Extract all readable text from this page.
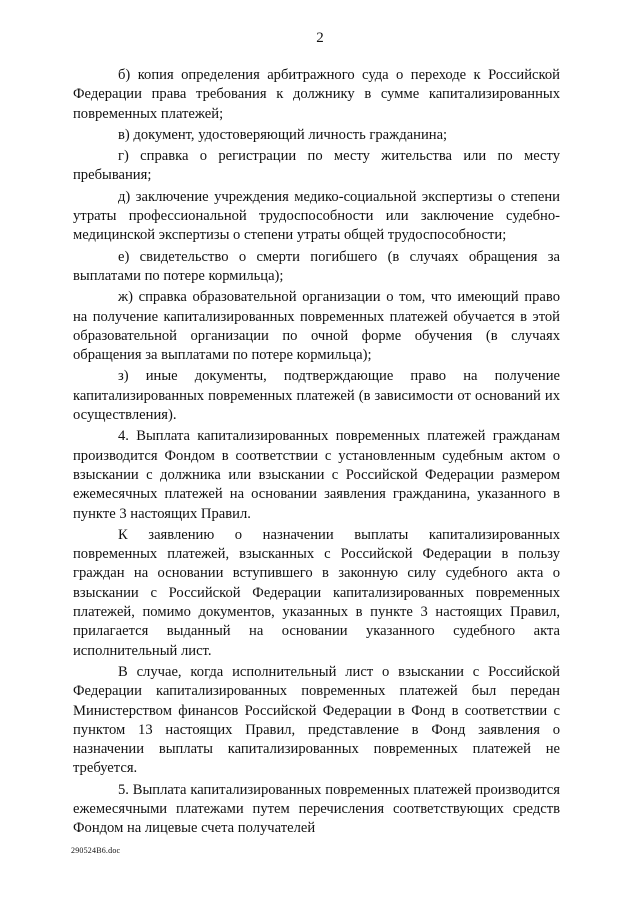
2

б) копия определения арбитражного суда о переходе к Российской Федерации права требования к должнику в сумме капитализированных повременных платежей;

в) документ, удостоверяющий личность гражданина;

г) справка о регистрации по месту жительства или по месту пребывания;

д) заключение учреждения медико-социальной экспертизы о степени утраты профессиональной трудоспособности или заключение судебно-медицинской экспертизы о степени утраты общей трудоспособности;

е) свидетельство о смерти погибшего (в случаях обращения за выплатами по потере кормильца);

ж) справка образовательной организации о том, что имеющий право на получение капитализированных повременных платежей обучается в этой образовательной организации по очной форме обучения (в случаях обращения за выплатами по потере кормильца);

з) иные документы, подтверждающие право на получение капитализированных повременных платежей (в зависимости от оснований их осуществления).

4. Выплата капитализированных повременных платежей гражданам производится Фондом в соответствии с установленным судебным актом о взыскании с должника или взыскании с Российской Федерации размером ежемесячных платежей на основании заявления гражданина, указанного в пункте 3 настоящих Правил.

К заявлению о назначении выплаты капитализированных повременных платежей, взысканных с Российской Федерации в пользу граждан на основании вступившего в законную силу судебного акта о взыскании с Российской Федерации капитализированных повременных платежей, помимо документов, указанных в пункте 3 настоящих Правил, прилагается выданный на основании указанного судебного акта исполнительный лист.

В случае, когда исполнительный лист о взыскании с Российской Федерации капитализированных повременных платежей был передан Министерством финансов Российской Федерации в Фонд в соответствии с пунктом 13 настоящих Правил, представление в Фонд заявления о назначении выплаты капитализированных повременных платежей не требуется.

5. Выплата капитализированных повременных платежей производится ежемесячными платежами путем перечисления соответствующих средств Фондом на лицевые счета получателей

290524В6.doc
